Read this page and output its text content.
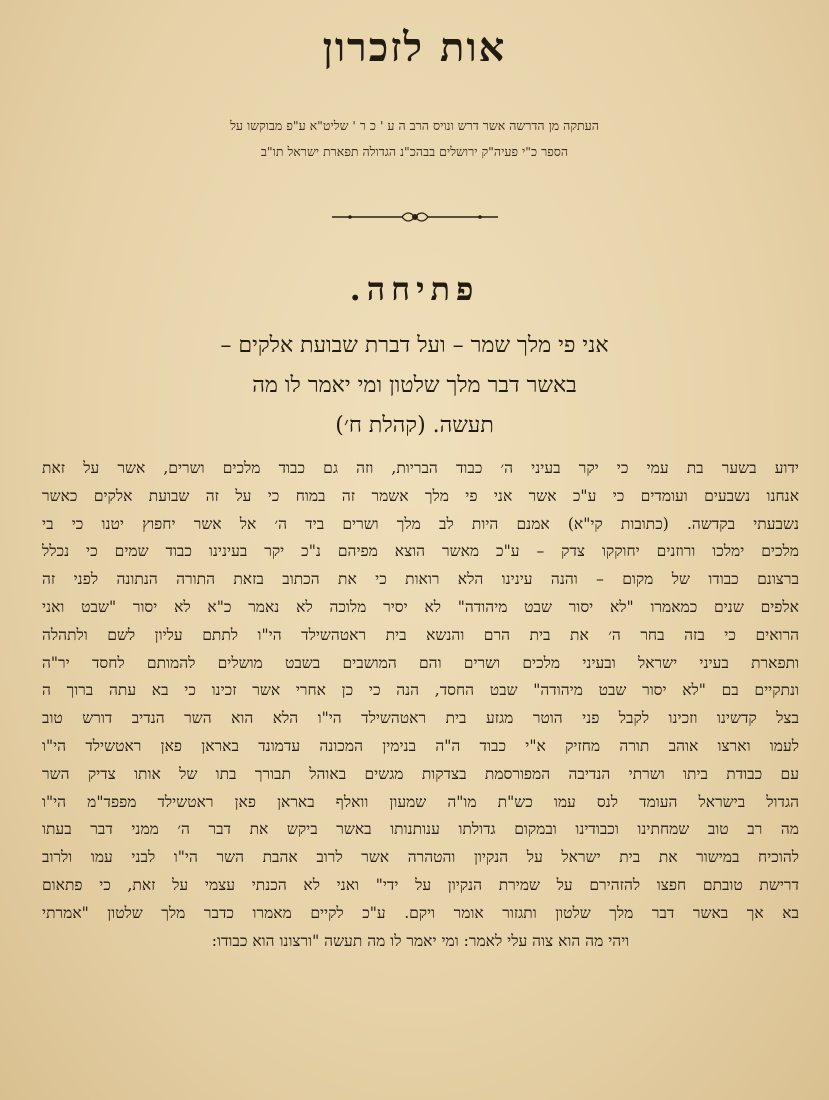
אות לזכרון
העתקה מן הדרשה אשר דרש ונויס הרב ה ע ' כ ר ' שליט"א ע"פ מבוקשו על
הספר כ"י פעיה"ק ירושלים בבהכ"נ הגדולה תפארת ישראל תו"ב
פתיחה.
אני פי מלך שמר – ועל דברת שבועת אלקים –
באשר דבר מלך שלטון ומי יאמר לו מה
תעשה. (קהלת ח׳)
ידוע בשער בת עמי כי יקר בעיני ה׳ כבוד הבריות, וזה גם כבוד מלכים ושרים, אשר על זאת
אנחנו נשבעים ועומדים כי ע"כ אשר אני פי מלך אשמר זה במוח כי על זה שבועת אלקים כאשר
נשבעתי בקדשה. (כתובות קי"א) אמנם היות לב מלך ושרים ביד ה׳ אל אשר יחפוץ יטנו כי בי
מלכים ימלכו ורוזנים יחוקקו צדק – ע"כ מאשר הוצא מפיהם נ"כ יקר בעינינו כבוד שמים כי נכלל
ברצונם כבודו של מקום – והנה עינינו הלא רואות כי את הכתוב בזאת התורה הנתונה לפני זה
אלפים שנים כמאמרו "לא יסור שבט מיהודה" לא יסיר מלוכה לא נאמר כ"א לא יסור "שבט ואני
הרואים כי בזה בחר ה׳ את בית הרם והנשא בית ראטהשילד הי"ו לתתם עליון לשם ולתהלה
ותפארת בעיני ישראל ובעיני מלכים ושרים והם המושבים בשבט מושלים להמותם לחסד יר"ה
ונתקיים בם "לא יסור שבט מיהודה" שבט החסד, הנה כי כן אחרי אשר זכינו כי בא עתה ברוך ה
בצל קדשינו וזכינו לקבל פני הוטר מגזע בית ראטהשילד הי"ו הלא הוא השר הנדיב דורש טוב
לעמו וארצו אוהב תורה מחזיק א"י כבוד ה"ה בנימין המכונה עדמונד באראן פאן ראטשילד הי"ו
עם כבודת ביתו ושרתי הנדיבה המפורסמת בצדקות מגשים באוהל תבורך בתו של אותו צדיק השר
הגדול בישראל העומד לנס עמו כש"ת מו"ה שמעון וואלף באראן פאן ראטשילד מפפד"מ הי"ו
מה רב טוב שמחתינו וכבודינו ובמקום גדולתו ענותנותו באשר ביקש את דבר ה׳ ממני דבר בעתו
להוכיח במישור את בית ישראל על הנקיון והטהרה אשר לרוב אהבת השר הי"ו לבני עמו ולרוב
דרישת טובתם חפצו להזהירם על שמירת הנקיון על ידי" ואני לא הכנתי עצמי על זאת, כי פתאום
בא אך באשר דבר מלך שלטון ותגזור אומר ויקם. ע"כ לקיים מאמרו כדבר מלך שלטון "אמרתי
ויהי מה הוא צוה עלי לאמר: ומי יאמר לו מה תעשה "ורצונו הוא כבודו:
